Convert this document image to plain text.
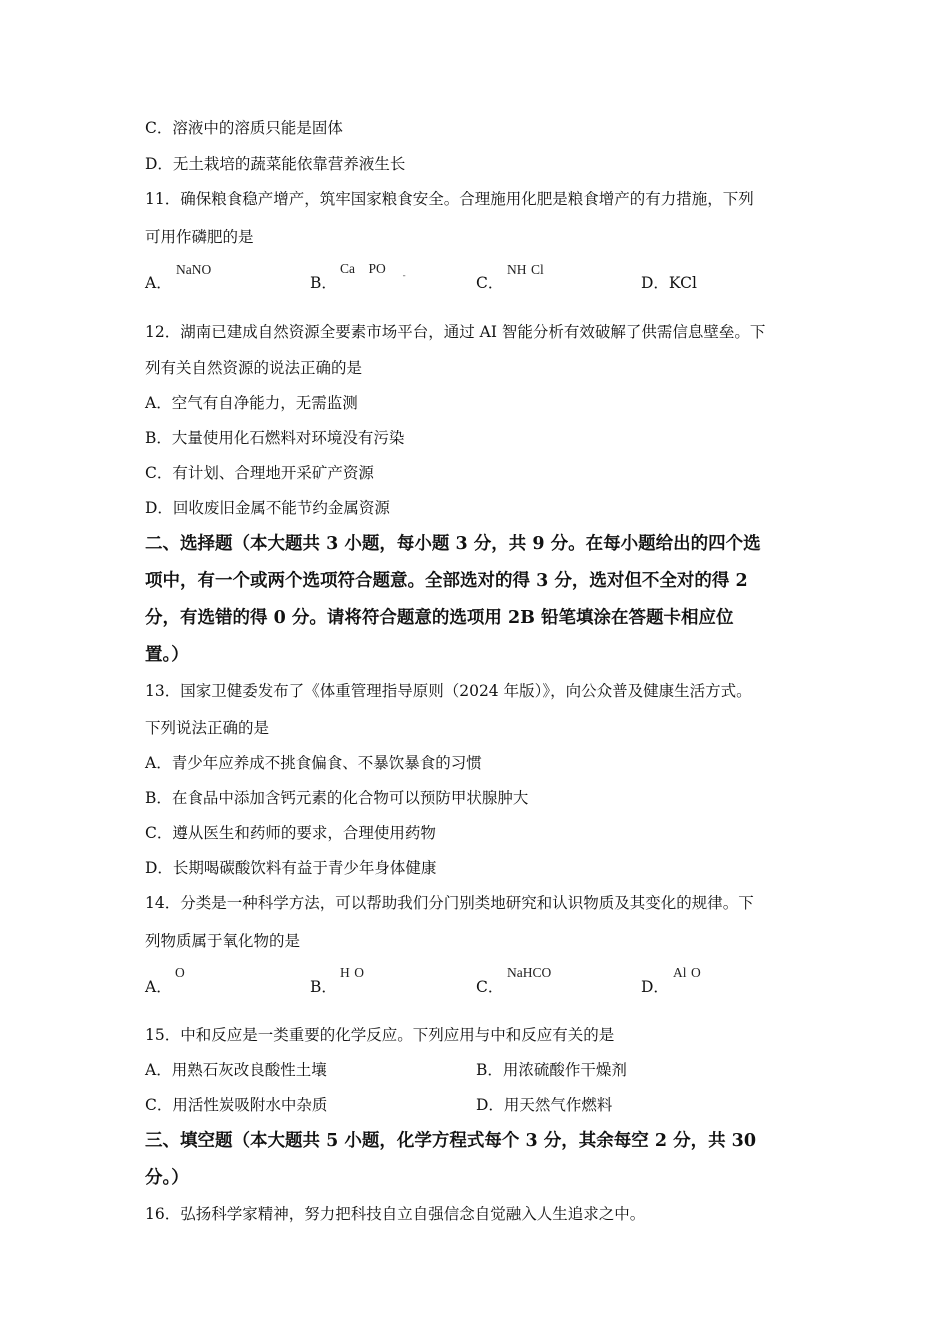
C．溶液中的溶质只能是固体
D．无土栽培的蔬菜能依靠营养液生长
11．确保粮食稳产增产，筑牢国家粮食安全。合理施用化肥是粮食增产的有力措施，下列
可用作磷肥的是
A．
NaNO
B．
Ca PO $_-$	C．
NH Cl
D．KCl
12．湖南已建成自然资源全要素市场平台，通过 AI 智能分析有效破解了供需信息壁垒。下
列有关自然资源的说法正确的是
A．空气有自净能力，无需监测
B．大量使用化石燃料对环境没有污染
C．有计划、合理地开采矿产资源
D．回收废旧金属不能节约金属资源
二、选择题（本大题共 3 小题，每小题 3 分，共 9 分。在每小题给出的四个选
项中，有一个或两个选项符合题意。全部选对的得 3 分，选对但不全对的得 2
分，有选错的得 0 分。请将符合题意的选项用 2B 铅笔填涂在答题卡相应位
置。）
13．国家卫健委发布了《体重管理指导原则（2024 年版）》，向公众普及健康生活方式。
下列说法正确的是
A．青少年应养成不挑食偏食、不暴饮暴食的习惯
B．在食品中添加含钙元素的化合物可以预防甲状腺肿大
C．遵从医生和药师的要求，合理使用药物
D．长期喝碳酸饮料有益于青少年身体健康
14．分类是一种科学方法，可以帮助我们分门别类地研究和认识物质及其变化的规律。下
列物质属于氧化物的是
A．
O
B．
H O
C．
NaHCO
D．
Al O
15．中和反应是一类重要的化学反应。下列应用与中和反应有关的是
A．用熟石灰改良酸性土壤	B．用浓硫酸作干燥剂
C．用活性炭吸附水中杂质	D．用天然气作燃料
三、填空题（本大题共 5 小题，化学方程式每个 3 分，其余每空 2 分，共 30
分。）
16．弘扬科学家精神，努力把科技自立自强信念自觉融入人生追求之中。
